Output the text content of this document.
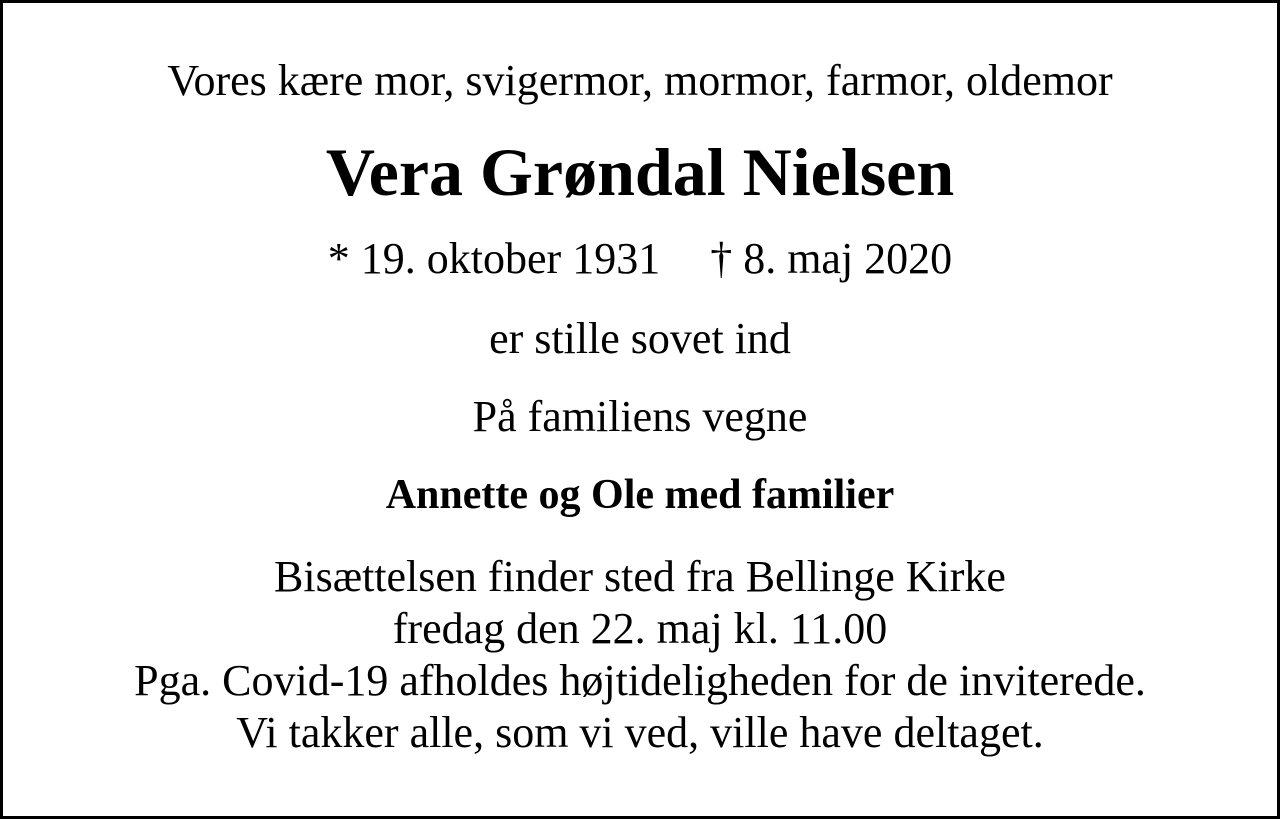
Vores kære mor, svigermor, mormor, farmor, oldemor
Vera Grøndal Nielsen
* 19. oktober 1931 † 8. maj 2020
er stille sovet ind
På familiens vegne
Annette og Ole med familier
Bisættelsen finder sted fra Bellinge Kirke
fredag den 22. maj kl. 11.00
Pga. Covid-19 afholdes højtideligheden for de inviterede.
Vi takker alle, som vi ved, ville have deltaget.
